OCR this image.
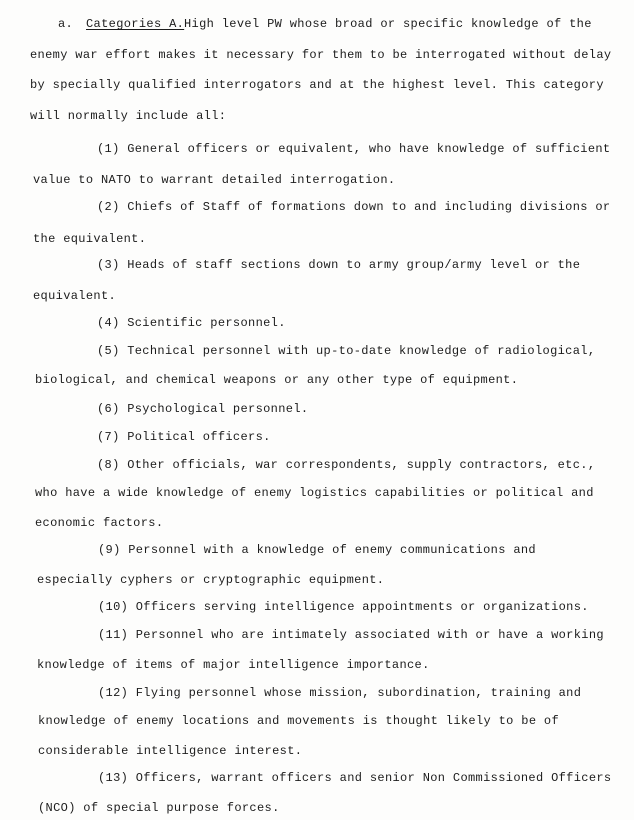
a. Categories A. High level PW whose broad or specific knowledge of the
enemy war effort makes it necessary for them to be interrogated without delay
by specially qualified interrogators and at the highest level. This category
will normally include all:
(1) General officers or equivalent, who have knowledge of sufficient
value to NATO to warrant detailed interrogation.
(2) Chiefs of Staff of formations down to and including divisions or
the equivalent.
(3) Heads of staff sections down to army group/army level or the
equivalent.
(4) Scientific personnel.
(5) Technical personnel with up-to-date knowledge of radiological,
biological, and chemical weapons or any other type of equipment.
(6) Psychological personnel.
(7) Political officers.
(8) Other officials, war correspondents, supply contractors, etc.,
who have a wide knowledge of enemy logistics capabilities or political and
economic factors.
(9) Personnel with a knowledge of enemy communications and
especially cyphers or cryptographic equipment.
(10) Officers serving intelligence appointments or organizations.
(11) Personnel who are intimately associated with or have a working
knowledge of items of major intelligence importance.
(12) Flying personnel whose mission, subordination, training and
knowledge of enemy locations and movements is thought likely to be of
considerable intelligence interest.
(13) Officers, warrant officers and senior Non Commissioned Officers
(NCO) of special purpose forces.
